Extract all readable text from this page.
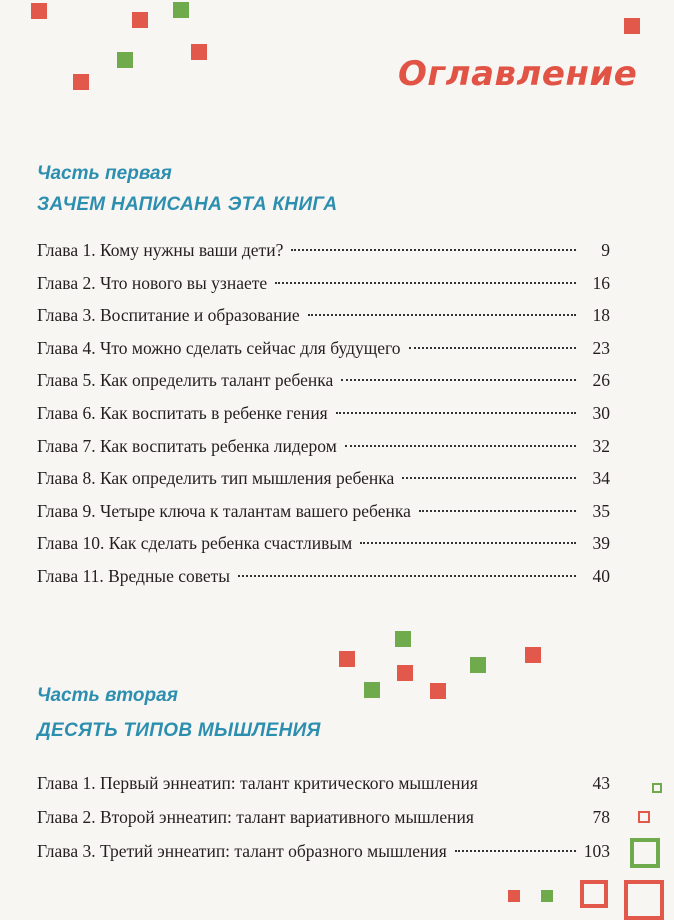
Оглавление
Часть первая
ЗАЧЕМ НАПИСАНА ЭТА КНИГА
Глава 1. Кому нужны ваши дети?	9
Глава 2. Что нового вы узнаете	16
Глава 3. Воспитание и образование	18
Глава 4. Что можно сделать сейчас для будущего	23
Глава 5. Как определить талант ребенка	26
Глава 6. Как воспитать в ребенке гения	30
Глава 7. Как воспитать ребенка лидером	32
Глава 8. Как определить тип мышления ребенка	34
Глава 9. Четыре ключа к талантам вашего ребенка	35
Глава 10. Как сделать ребенка счастливым	39
Глава 11. Вредные советы	40
Часть вторая
ДЕСЯТЬ ТИПОВ МЫШЛЕНИЯ
Глава 1. Первый эннеатип: талант критического мышления	43
Глава 2. Второй эннеатип: талант вариативного мышления	78
Глава 3. Третий эннеатип: талант образного мышления	103
